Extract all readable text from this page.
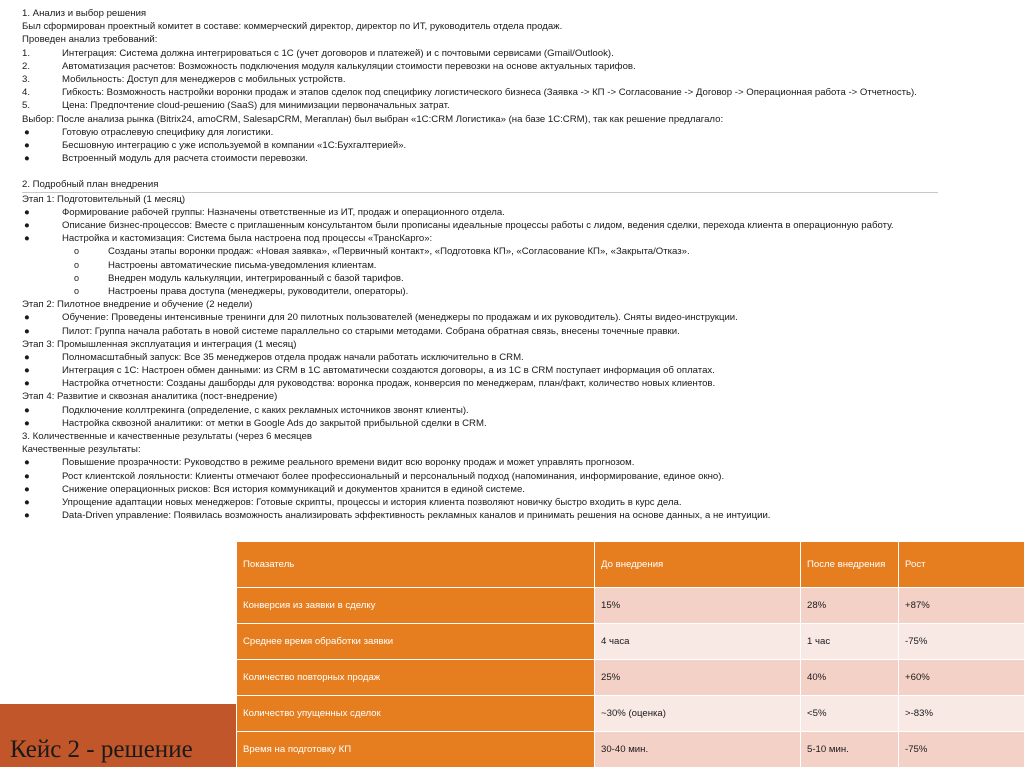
1. Анализ и выбор решения
Был сформирован проектный комитет в составе: коммерческий директор, директор по ИТ, руководитель отдела продаж.
Проведен анализ требований:
1.	Интеграция: Система должна интегрироваться с 1С (учет договоров и платежей) и с почтовыми сервисами (Gmail/Outlook).
2.	Автоматизация расчетов: Возможность подключения модуля калькуляции стоимости перевозки на основе актуальных тарифов.
3.	Мобильность: Доступ для менеджеров с мобильных устройств.
4.	Гибкость: Возможность настройки воронки продаж и этапов сделок под специфику логистического бизнеса (Заявка -> КП -> Согласование -> Договор -> Операционная работа -> Отчетность).
5.	Цена: Предпочтение cloud-решению (SaaS) для минимизации первоначальных затрат.
Выбор: После анализа рынка (Bitrix24, amoCRM, SalesapCRM, Мегаплан) был выбран «1С:CRM Логистика» (на базе 1С:CRM), так как решение предлагало:
●	Готовую отраслевую специфику для логистики.
●	Бесшовную интеграцию с уже используемой в компании «1С:Бухгалтерией».
●	Встроенный модуль для расчета стоимости перевозки.
2. Подробный план внедрения
Этап 1: Подготовительный (1 месяц)
●	Формирование рабочей группы: Назначены ответственные из ИТ, продаж и операционного отдела.
●	Описание бизнес-процессов: Вместе с приглашенным консультантом были прописаны идеальные процессы работы с лидом, ведения сделки, перехода клиента в операционную работу.
●	Настройка и кастомизация: Система была настроена под процессы «ТрансКарго»:
o	Созданы этапы воронки продаж: «Новая заявка», «Первичный контакт», «Подготовка КП», «Согласование КП», «Закрыта/Отказ».
o	Настроены автоматические письма-уведомления клиентам.
o	Внедрен модуль калькуляции, интегрированный с базой тарифов.
o	Настроены права доступа (менеджеры, руководители, операторы).
Этап 2: Пилотное внедрение и обучение (2 недели)
●	Обучение: Проведены интенсивные тренинги для 20 пилотных пользователей (менеджеры по продажам и их руководитель). Сняты видео-инструкции.
●	Пилот: Группа начала работать в новой системе параллельно со старыми методами. Собрана обратная связь, внесены точечные правки.
Этап 3: Промышленная эксплуатация и интеграция (1 месяц)
●	Полномасштабный запуск: Все 35 менеджеров отдела продаж начали работать исключительно в CRM.
●	Интеграция с 1С: Настроен обмен данными: из CRM в 1С автоматически создаются договоры, а из 1С в CRM поступает информация об оплатах.
●	Настройка отчетности: Созданы дашборды для руководства: воронка продаж, конверсия по менеджерам, план/факт, количество новых клиентов.
Этап 4: Развитие и сквозная аналитика (пост-внедрение)
●	Подключение коллтрекинга (определение, с каких рекламных источников звонят клиенты).
●	Настройка сквозной аналитики: от метки в Google Ads до закрытой прибыльной сделки в CRM.
3. Количественные и качественные результаты (через 6 месяцев
Качественные результаты:
●	Повышение прозрачности: Руководство в режиме реального времени видит всю воронку продаж и может управлять прогнозом.
●	Рост клиентской лояльности: Клиенты отмечают более профессиональный и персональный подход (напоминания, информирование, единое окно).
●	Снижение операционных рисков: Вся история коммуникаций и документов хранится в единой системе.
●	Упрощение адаптации новых менеджеров: Готовые скрипты, процессы и история клиента позволяют новичку быстро входить в курс дела.
●	Data-Driven управление: Появилась возможность анализировать эффективность рекламных каналов и принимать решения на основе данных, а не интуиции.
Показатель	До внедрения	После внедрения	Рост
Конверсия из заявки в сделку	15%	28%	+87%
Среднее время обработки заявки	4 часа	1 час	-75%
Количество повторных продаж	25%	40%	+60%
Количество упущенных сделок	~30% (оценка)	<5%	>-83%
Время на подготовку КП	30-40 мин.	5-10 мин.	-75%
Кейс 2 - решение
